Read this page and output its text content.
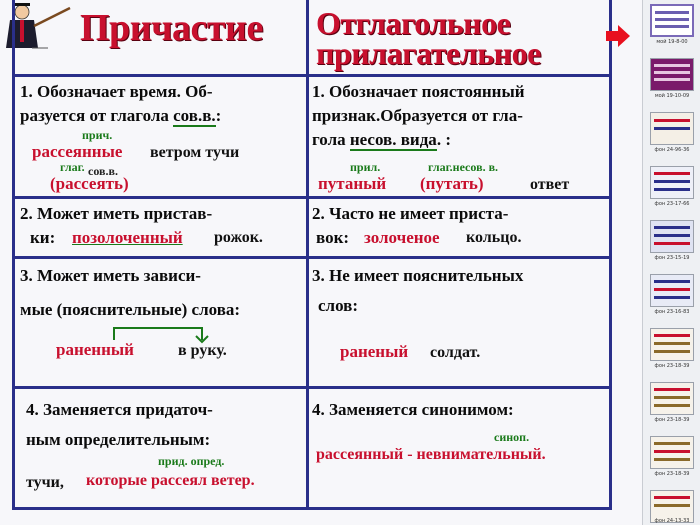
Причастие Отглагольное
прилагательное
1. Обозначает время. Об-
разуется от глагола сов.в.:
прич.
рассеянные ветром тучи
глаг. сов.в.
(рассеять)
1. Обозначает поястоянный
признак.Образуется от гла-
гола несов. вида. :
прил.	глаг.несов. в.
путаный (путать)	ответ
2. Может иметь пристав-
ки: позолоченный рожок.
2. Часто не имеет приста-
вок: золоченое кольцо.
3. Может иметь зависи-
мые (пояснительные) слова:
раненный	в руку.
3. Не имеет пояснительных
слов:
раненый солдат.
4. Заменяется придаточ-
ным определительным:
прид. опред.
тучи, которые рассеял ветер.
4. Заменяется синонимом:
синоп.
рассеянный - невнимательный.
мой 19-8-00
мой 19-10-09
фон 24-96-36
фон 23-17-66
фон 23-15-19
фон 23-16-83
фон 23-18-39
фон 23-18-39
фон 23-18-39
фон 24-13-33
